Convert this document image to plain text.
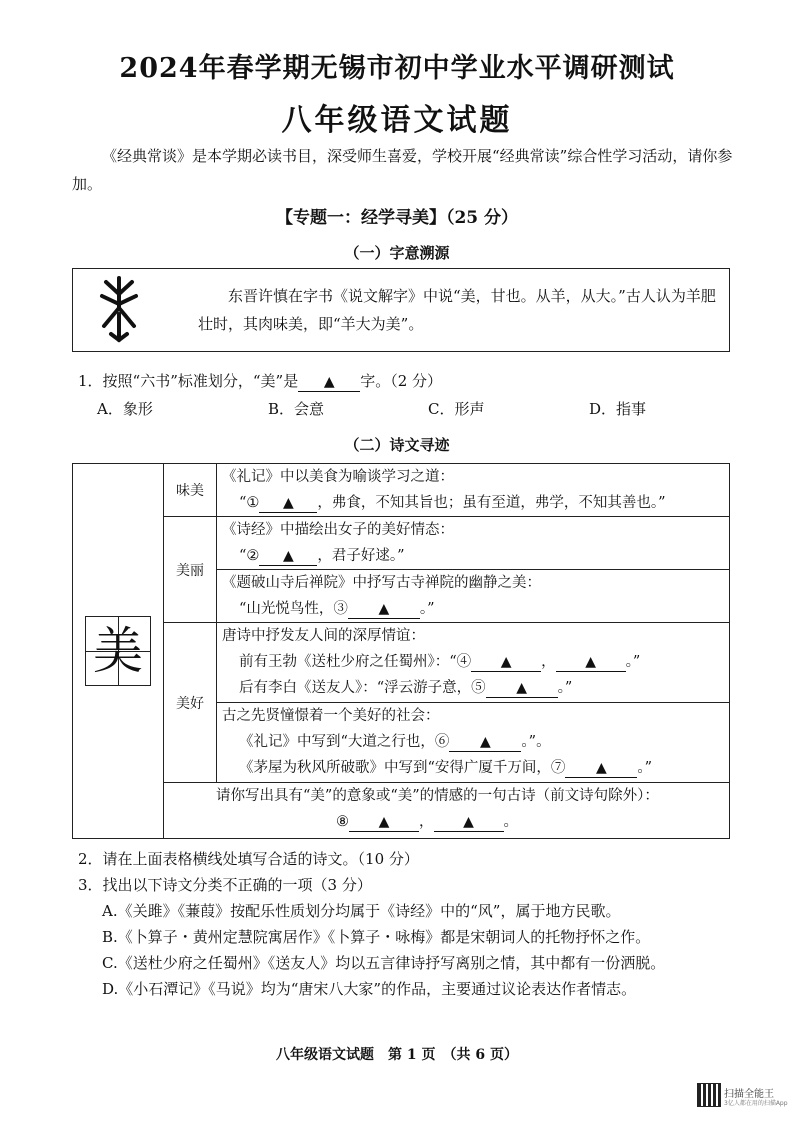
2024年春学期无锡市初中学业水平调研测试
八年级语文试题
《经典常谈》是本学期必读书目，深受师生喜爱，学校开展“经典常读”综合性学习活动，请你参加。
【专题一：经学寻美】（25 分）
（一）字意溯源
东晋许慎在字书《说文解字》中说“美，甘也。从羊，从大。”古人认为羊肥壮时，其肉味美，即“羊大为美”。
1．按照“六书”标准划分，“美”是 ▲ 字。（2 分）
A．象形	B．会意	C．形声	D．指事
（二）诗文寻迹
美	味美	《礼记》中以美食为喻谈学习之道：
“① ▲ ，弗食，不知其旨也；虽有至道，弗学，不知其善也。”

	美丽	《诗经》中描绘出女子的美好情态：
“② ▲ ，君子好逑。”

		《题破山寺后禅院》中抒写古寺禅院的幽静之美：
“山光悦鸟性，③ ▲ 。”

	美好	唐诗中抒发友人间的深厚情谊：
前有王勃《送杜少府之任蜀州》：“④ ▲ ， ▲ 。”
后有李白《送友人》：“浮云游子意，⑤ ▲ 。”

		古之先贤憧憬着一个美好的社会：
《礼记》中写到“大道之行也，⑥ ▲ 。”。
《茅屋为秋风所破歌》中写到“安得广厦千万间，⑦ ▲ 。”

	请你写出具有“美”的意象或“美”的情感的一句古诗（前文诗句除外）：
⑧ ▲ ， ▲ 。	
2．请在上面表格横线处填写合适的诗文。（10 分）
3．找出以下诗文分类不正确的一项（3 分）
A.《关雎》《蒹葭》按配乐性质划分均属于《诗经》中的“风”，属于地方民歌。
B.《卜算子・黄州定慧院寓居作》《卜算子・咏梅》都是宋朝词人的托物抒怀之作。
C.《送杜少府之任蜀州》《送友人》均以五言律诗抒写离别之情，其中都有一份洒脱。
D.《小石潭记》《马说》均为“唐宋八大家”的作品，主要通过议论表达作者情志。
八年级语文试题　第 1 页　（共 6 页）
扫描全能王
3亿人都在用的扫描App
